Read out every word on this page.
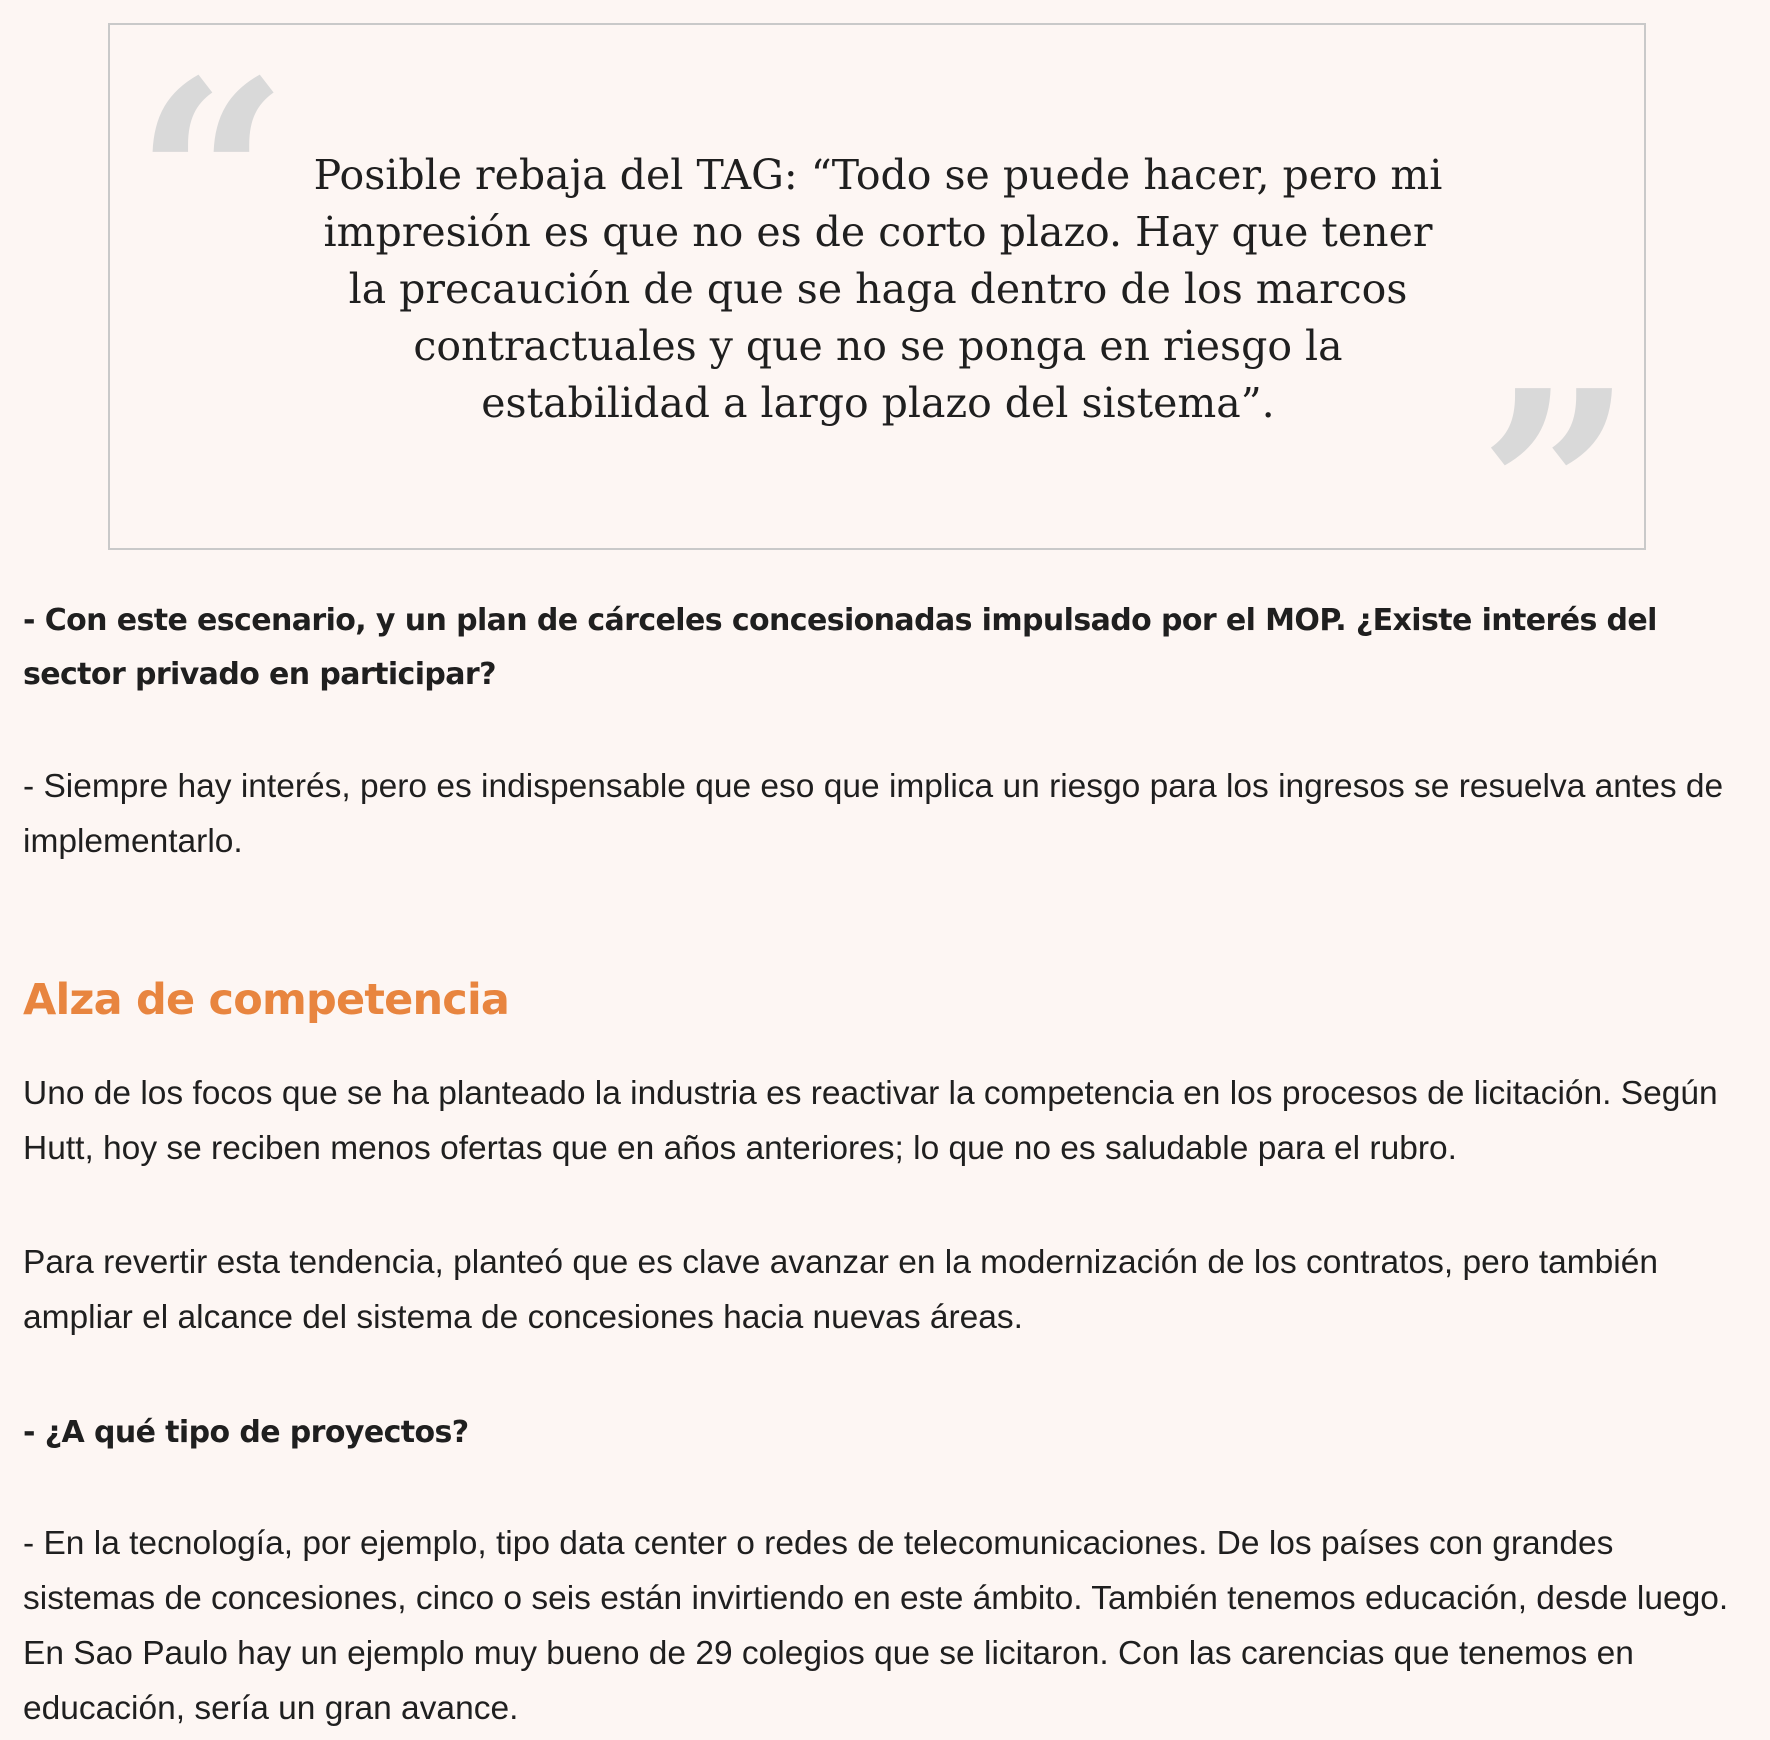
“ Posible rebaja del TAG: “Todo se puede hacer, pero mi impresión es que no es de corto plazo. Hay que tener la precaución de que se haga dentro de los marcos contractuales y que no se ponga en riesgo la estabilidad a largo plazo del sistema”. ”

- Con este escenario, y un plan de cárceles concesionadas impulsado por el MOP. ¿Existe interés del sector privado en participar?

- Siempre hay interés, pero es indispensable que eso que implica un riesgo para los ingresos se resuelva antes de implementarlo.

Alza de competencia

Uno de los focos que se ha planteado la industria es reactivar la competencia en los procesos de licitación. Según Hutt, hoy se reciben menos ofertas que en años anteriores; lo que no es saludable para el rubro.

Para revertir esta tendencia, planteó que es clave avanzar en la modernización de los contratos, pero también ampliar el alcance del sistema de concesiones hacia nuevas áreas.

- ¿A qué tipo de proyectos?

- En la tecnología, por ejemplo, tipo data center o redes de telecomunicaciones. De los países con grandes sistemas de concesiones, cinco o seis están invirtiendo en este ámbito. También tenemos educación, desde luego. En Sao Paulo hay un ejemplo muy bueno de 29 colegios que se licitaron. Con las carencias que tenemos en educación, sería un gran avance.
